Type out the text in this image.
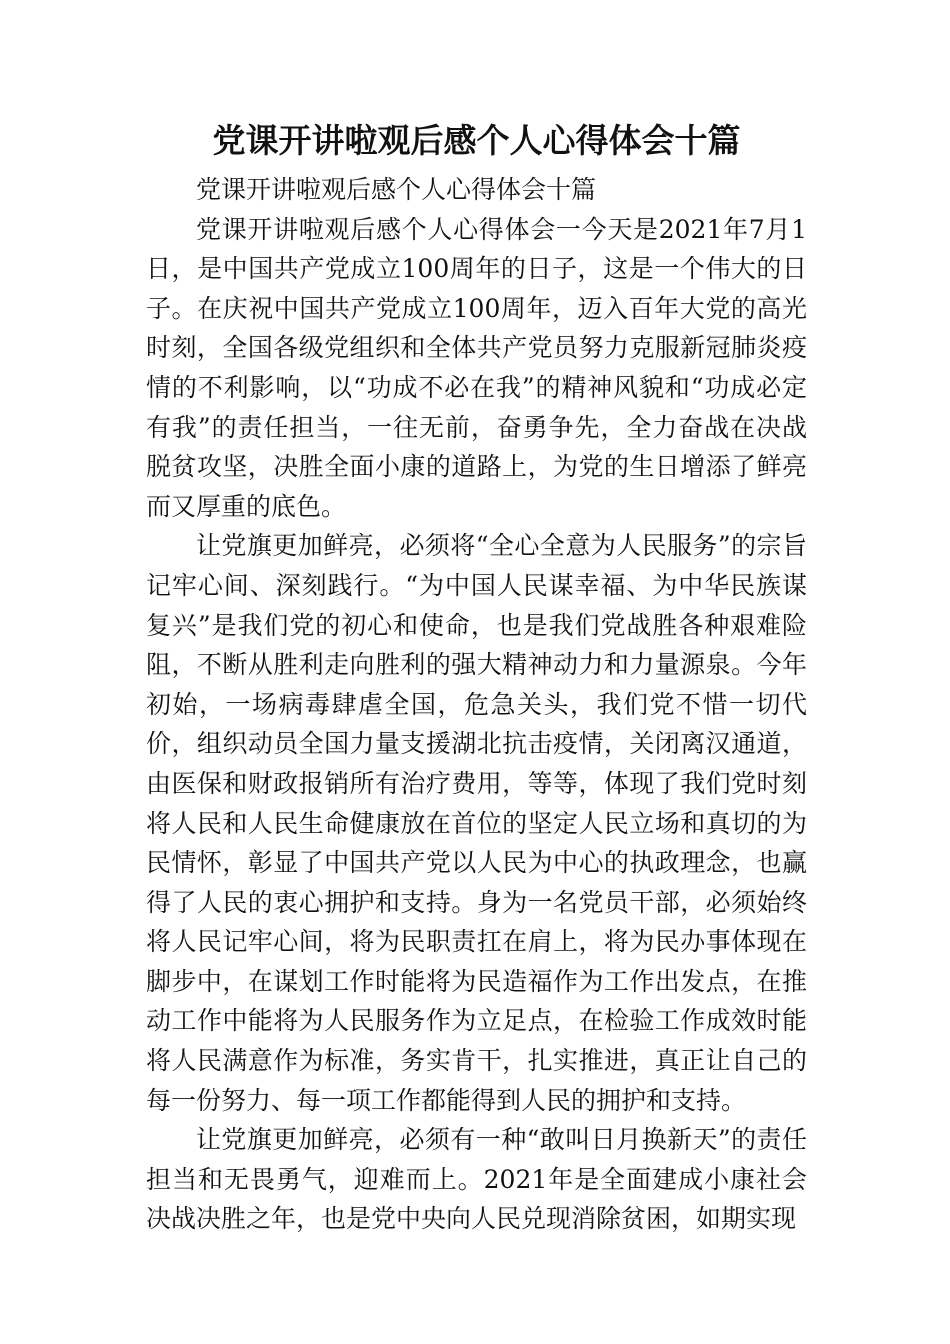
党课开讲啦观后感个人心得体会十篇

党课开讲啦观后感个人心得体会十篇

党课开讲啦观后感个人心得体会一今天是2021年7月1日，是中国共产党成立100周年的日子，这是一个伟大的日子。在庆祝中国共产党成立100周年，迈入百年大党的高光时刻，全国各级党组织和全体共产党员努力克服新冠肺炎疫情的不利影响，以“功成不必在我”的精神风貌和“功成必定有我”的责任担当，一往无前，奋勇争先，全力奋战在决战脱贫攻坚，决胜全面小康的道路上，为党的生日增添了鲜亮而又厚重的底色。

让党旗更加鲜亮，必须将“全心全意为人民服务”的宗旨记牢心间、深刻践行。“为中国人民谋幸福、为中华民族谋复兴”是我们党的初心和使命，也是我们党战胜各种艰难险阻，不断从胜利走向胜利的强大精神动力和力量源泉。今年初始，一场病毒肆虐全国，危急关头，我们党不惜一切代价，组织动员全国力量支援湖北抗击疫情，关闭离汉通道，由医保和财政报销所有治疗费用，等等，体现了我们党时刻将人民和人民生命健康放在首位的坚定人民立场和真切的为民情怀，彰显了中国共产党以人民为中心的执政理念，也赢得了人民的衷心拥护和支持。身为一名党员干部，必须始终将人民记牢心间，将为民职责扛在肩上，将为民办事体现在脚步中，在谋划工作时能将为民造福作为工作出发点，在推动工作中能将为人民服务作为立足点，在检验工作成效时能将人民满意作为标准，务实肯干，扎实推进，真正让自己的每一份努力、每一项工作都能得到人民的拥护和支持。

让党旗更加鲜亮，必须有一种“敢叫日月换新天”的责任担当和无畏勇气，迎难而上。2021年是全面建成小康社会决战决胜之年，也是党中央向人民兑现消除贫困，如期实现
